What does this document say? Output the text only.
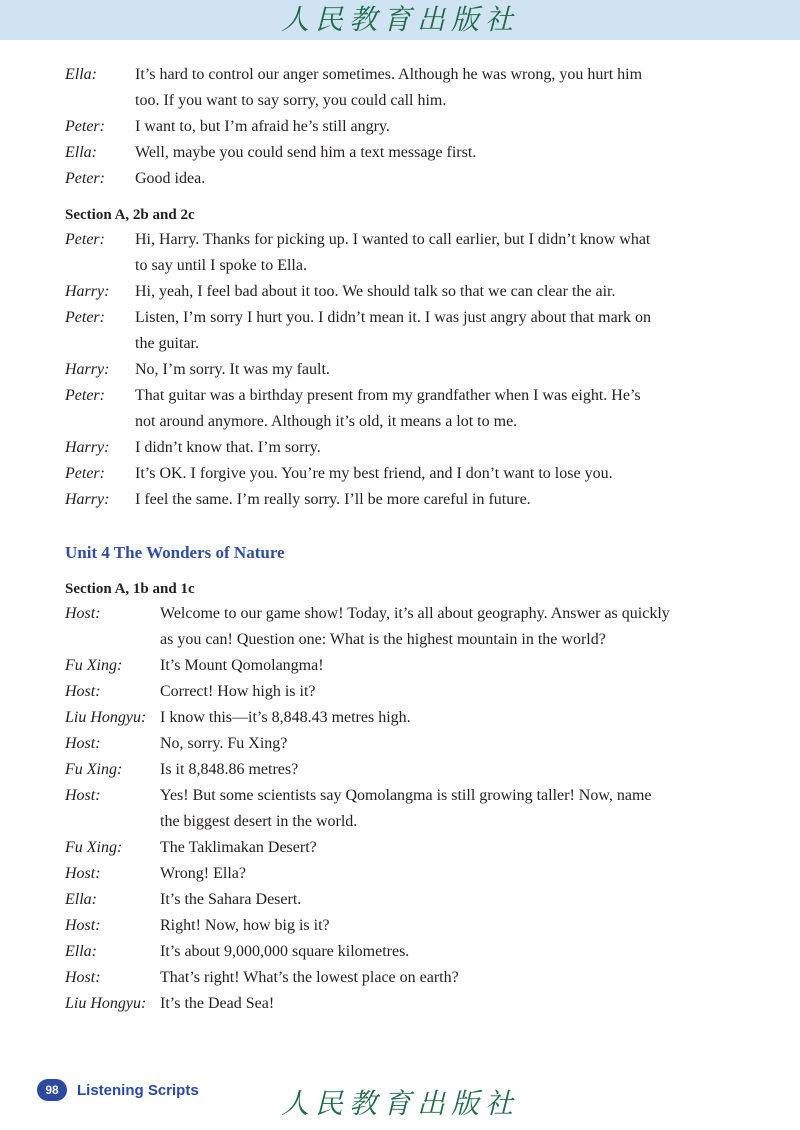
人民教育出版社
Ella: It’s hard to control our anger sometimes. Although he was wrong, you hurt him
too. If you want to say sorry, you could call him.
Peter: I want to, but I’m afraid he’s still angry.
Ella: Well, maybe you could send him a text message first.
Peter: Good idea.
Section A, 2b and 2c
Peter: Hi, Harry. Thanks for picking up. I wanted to call earlier, but I didn’t know what
to say until I spoke to Ella.
Harry: Hi, yeah, I feel bad about it too. We should talk so that we can clear the air.
Peter: Listen, I’m sorry I hurt you. I didn’t mean it. I was just angry about that mark on
the guitar.
Harry: No, I’m sorry. It was my fault.
Peter: That guitar was a birthday present from my grandfather when I was eight. He’s
not around anymore. Although it’s old, it means a lot to me.
Harry: I didn’t know that. I’m sorry.
Peter: It’s OK. I forgive you. You’re my best friend, and I don’t want to lose you.
Harry: I feel the same. I’m really sorry. I’ll be more careful in future.
Unit 4 The Wonders of Nature
Section A, 1b and 1c
Host:	Welcome to our game show! Today, it’s all about geography. Answer as quickly
as you can! Question one: What is the highest mountain in the world?
Fu Xing: It’s Mount Qomolangma!
Host:	Correct! How high is it?
Liu Hongyu: I know this—it’s 8,848.43 metres high.
Host:	No, sorry. Fu Xing?
Fu Xing: Is it 8,848.86 metres?
Host:	Yes! But some scientists say Qomolangma is still growing taller! Now, name
the biggest desert in the world.
Fu Xing: The Taklimakan Desert?
Host:	Wrong! Ella?
Ella:	It’s the Sahara Desert.
Host:	Right! Now, how big is it?
Ella:	It’s about 9,000,000 square kilometres.
Host:	That’s right! What’s the lowest place on earth?
Liu Hongyu: It’s the Dead Sea!
98	Listening Scripts	人民教育出版社
